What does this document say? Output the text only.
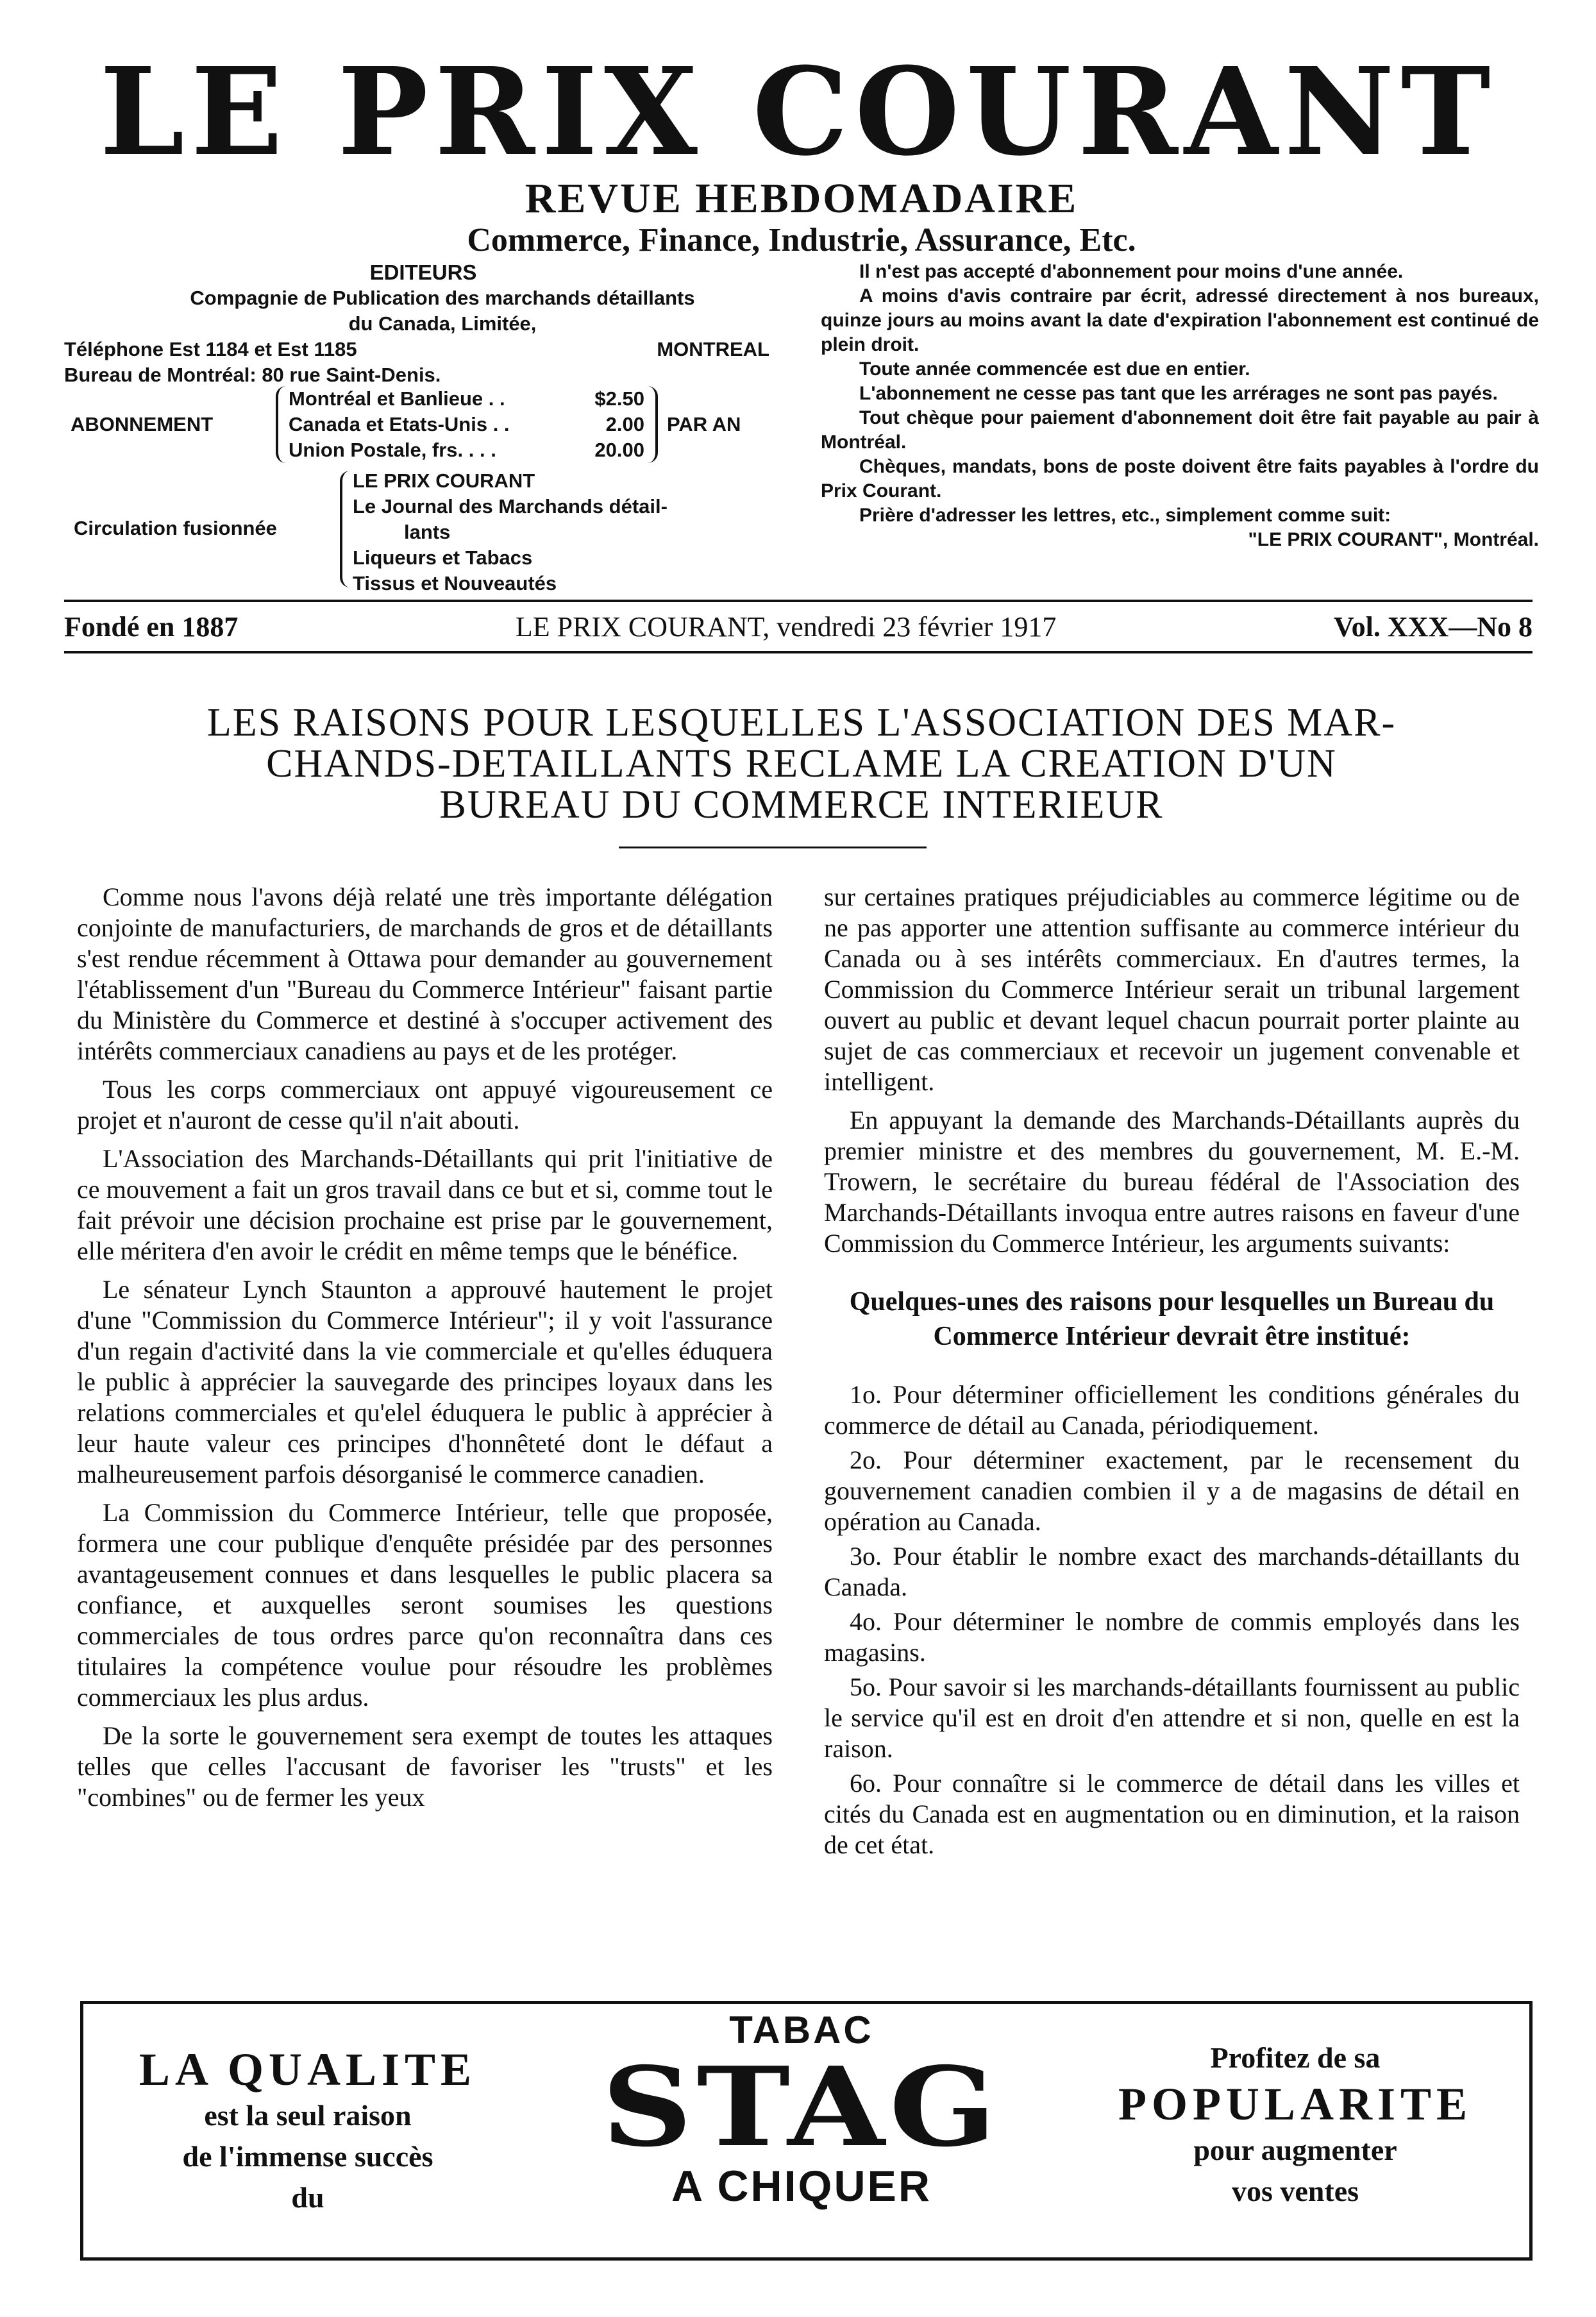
LE PRIX COURANT
REVUE HEBDOMADAIRE
Commerce, Finance, Industrie, Assurance, Etc.
EDITEURS
Compagnie de Publication des marchands détaillants
du Canada, Limitée,
Téléphone Est 1184 et Est 1185	MONTREAL
Bureau de Montréal: 80 rue Saint-Denis.
ABONNEMENT
Montréal et Banlieue . .	$2.50
Canada et Etats-Unis . .	2.00
Union Postale, frs. . . .	20.00
PAR AN
Circulation fusionnée
LE PRIX COURANT
Le Journal des Marchands détail-
lants
Liqueurs et Tabacs
Tissus et Nouveautés

Il n'est pas accepté d'abonnement pour moins d'une année.

A moins d'avis contraire par écrit, adressé directement à nos bureaux, quinze jours au moins avant la date d'expiration l'abonnement est continué de plein droit.

Toute année commencée est due en entier.

L'abonnement ne cesse pas tant que les arrérages ne sont pas payés.

Tout chèque pour paiement d'abonnement doit être fait payable au pair à Montréal.

Chèques, mandats, bons de poste doivent être faits payables à l'ordre du Prix Courant.

Prière d'adresser les lettres, etc., simplement comme suit:

"LE PRIX COURANT", Montréal.

Fondé en 1887	LE PRIX COURANT, vendredi 23 février 1917	Vol. XXX—No 8
LES RAISONS POUR LESQUELLES L'ASSOCIATION DES MAR-
CHANDS-DETAILLANTS RECLAME LA CREATION D'UN
BUREAU DU COMMERCE INTERIEUR

Comme nous l'avons déjà relaté une très importante délégation conjointe de manufacturiers, de marchands de gros et de détaillants s'est rendue récemment à Ottawa pour demander au gouvernement l'établissement d'un "Bureau du Commerce Intérieur" faisant partie du Ministère du Commerce et destiné à s'occuper activement des intérêts commerciaux canadiens au pays et de les protéger.

Tous les corps commerciaux ont appuyé vigoureusement ce projet et n'auront de cesse qu'il n'ait abouti.

L'Association des Marchands-Détaillants qui prit l'initiative de ce mouvement a fait un gros travail dans ce but et si, comme tout le fait prévoir une décision prochaine est prise par le gouvernement, elle méritera d'en avoir le crédit en même temps que le bénéfice.

Le sénateur Lynch Staunton a approuvé hautement le projet d'une "Commission du Commerce Intérieur"; il y voit l'assurance d'un regain d'activité dans la vie commerciale et qu'elles éduquera le public à apprécier la sauvegarde des principes loyaux dans les relations commerciales et qu'elel éduquera le public à apprécier à leur haute valeur ces principes d'honnêteté dont le défaut a malheureusement parfois désorganisé le commerce canadien.

La Commission du Commerce Intérieur, telle que proposée, formera une cour publique d'enquête présidée par des personnes avantageusement connues et dans lesquelles le public placera sa confiance, et auxquelles seront soumises les questions commerciales de tous ordres parce qu'on reconnaîtra dans ces titulaires la compétence voulue pour résoudre les problèmes commerciaux les plus ardus.

De la sorte le gouvernement sera exempt de toutes les attaques telles que celles l'accusant de favoriser les "trusts" et les "combines" ou de fermer les yeux

sur certaines pratiques préjudiciables au commerce légitime ou de ne pas apporter une attention suffisante au commerce intérieur du Canada ou à ses intérêts commerciaux. En d'autres termes, la Commission du Commerce Intérieur serait un tribunal largement ouvert au public et devant lequel chacun pourrait porter plainte au sujet de cas commerciaux et recevoir un jugement convenable et intelligent.

En appuyant la demande des Marchands-Détaillants auprès du premier ministre et des membres du gouvernement, M. E.-M. Trowern, le secrétaire du bureau fédéral de l'Association des Marchands-Détaillants invoqua entre autres raisons en faveur d'une Commission du Commerce Intérieur, les arguments suivants:

Quelques-unes des raisons pour lesquelles un Bureau du Commerce Intérieur devrait être institué:

1o. Pour déterminer officiellement les conditions générales du commerce de détail au Canada, périodiquement.

2o. Pour déterminer exactement, par le recensement du gouvernement canadien combien il y a de magasins de détail en opération au Canada.

3o. Pour établir le nombre exact des marchands-détaillants du Canada.

4o. Pour déterminer le nombre de commis employés dans les magasins.

5o. Pour savoir si les marchands-détaillants fournissent au public le service qu'il est en droit d'en attendre et si non, quelle en est la raison.

6o. Pour connaître si le commerce de détail dans les villes et cités du Canada est en augmentation ou en diminution, et la raison de cet état.

LA QUALITE
est la seul raison
de l'immense succès
du
TABAC
STAG
A CHIQUER
Profitez de sa
POPULARITE
pour augmenter
vos ventes
